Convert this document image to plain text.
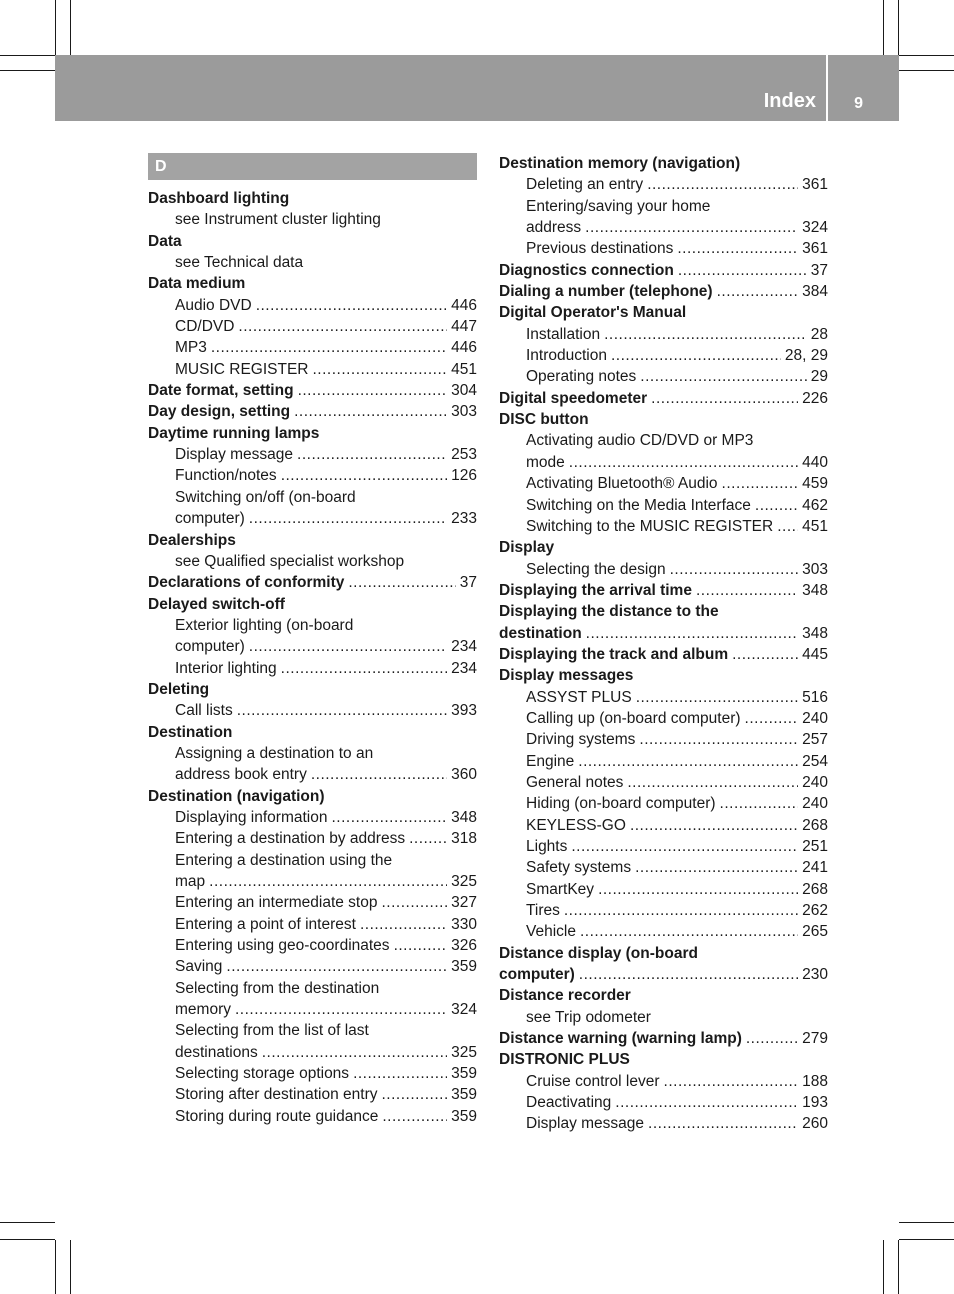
Index 9
D
Dashboard lighting
see Instrument cluster lighting
Data
see Technical data
Data medium
Audio DVD .....	446
CD/DVD .....	447
MP3 .....	446
MUSIC REGISTER .....	451
Date format, setting .....	304
Day design, setting .....	303
Daytime running lamps
Display message .....	253
Function/notes .....	126
Switching on/off (on-board
computer) .....	233
Dealerships
see Qualified specialist workshop
Declarations of conformity .....	37
Delayed switch-off
Exterior lighting (on-board
computer) .....	234
Interior lighting .....	234
Deleting
Call lists .....	393
Destination
Assigning a destination to an
address book entry .....	360
Destination (navigation)
Displaying information .....	348
Entering a destination by address .....	318
Entering a destination using the
map .....	325
Entering an intermediate stop .....	327
Entering a point of interest .....	330
Entering using geo-coordinates .....	326
Saving .....	359
Selecting from the destination
memory .....	324
Selecting from the list of last
destinations .....	325
Selecting storage options .....	359
Storing after destination entry .....	359
Storing during route guidance .....	359
Destination memory (navigation)
Deleting an entry .....	361
Entering/saving your home
address .....	324
Previous destinations .....	361
Diagnostics connection .....	37
Dialing a number (telephone) .....	384
Digital Operator's Manual
Installation .....	28
Introduction .....	28, 29
Operating notes .....	29
Digital speedometer .....	226
DISC button
Activating audio CD/DVD or MP3
mode .....	440
Activating Bluetooth® Audio .....	459
Switching on the Media Interface .....	462
Switching to the MUSIC REGISTER ..... 451
Display
Selecting the design .....	303
Displaying the arrival time .....	348
Displaying the distance to the
destination .....	348
Displaying the track and album .....	445
Display messages
ASSYST PLUS .....	516
Calling up (on-board computer) .....	240
Driving systems .....	257
Engine .....	254
General notes .....	240
Hiding (on-board computer) .....	240
KEYLESS-GO .....	268
Lights .....	251
Safety systems .....	241
SmartKey .....	268
Tires .....	262
Vehicle .....	265
Distance display (on-board
computer) .....	230
Distance recorder
see Trip odometer
Distance warning (warning lamp) .....	279
DISTRONIC PLUS
Cruise control lever .....	188
Deactivating .....	193
Display message .....	260
